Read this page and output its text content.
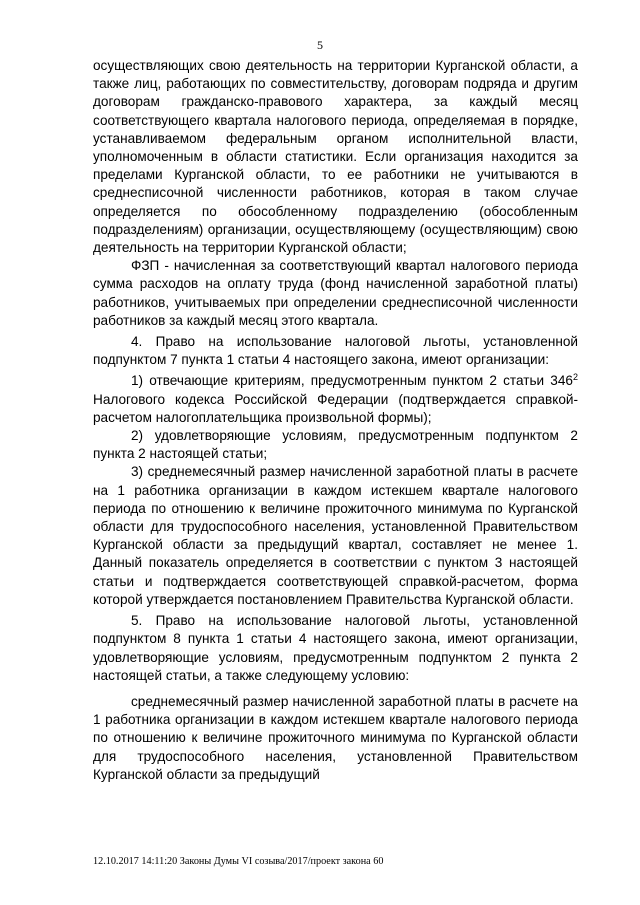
5

осуществляющих свою деятельность на территории Курганской области, а также лиц, работающих по совместительству, договорам подряда и другим договорам гражданско-правового характера, за каждый месяц соответствующего квартала налогового периода, определяемая в порядке, устанавливаемом федеральным органом исполнительной власти, уполномоченным в области статистики. Если организация находится за пределами Курганской области, то ее работники не учитываются в среднесписочной численности работников, которая в таком случае определяется по обособленному подразделению (обособленным подразделениям) организации, осуществляющему (осуществляющим) свою деятельность на территории Курганской области;

ФЗП - начисленная за соответствующий квартал налогового периода сумма расходов на оплату труда (фонд начисленной заработной платы) работников, учитываемых при определении среднесписочной численности работников за каждый месяц этого квартала.

4. Право на использование налоговой льготы, установленной подпунктом 7 пункта 1 статьи 4 настоящего закона, имеют организации:

1) отвечающие критериям, предусмотренным пунктом 2 статьи $346^2$ Налогового кодекса Российской Федерации (подтверждается справкой-расчетом налогоплательщика произвольной формы);

2) удовлетворяющие условиям, предусмотренным подпунктом 2 пункта 2 настоящей статьи;

3) среднемесячный размер начисленной заработной платы в расчете на 1 работника организации в каждом истекшем квартале налогового периода по отношению к величине прожиточного минимума по Курганской области для трудоспособного населения, установленной Правительством Курганской области за предыдущий квартал, составляет не менее 1. Данный показатель определяется в соответствии с пунктом 3 настоящей статьи и подтверждается соответствующей справкой-расчетом, форма которой утверждается постановлением Правительства Курганской области.

5. Право на использование налоговой льготы, установленной подпунктом 8 пункта 1 статьи 4 настоящего закона, имеют организации, удовлетворяющие условиям, предусмотренным подпунктом 2 пункта 2 настоящей статьи, а также следующему условию:

среднемесячный размер начисленной заработной платы в расчете на 1 работника организации в каждом истекшем квартале налогового периода по отношению к величине прожиточного минимума по Курганской области для трудоспособного населения, установленной Правительством Курганской области за предыдущий

12.10.2017 14:11:20 Законы Думы VI созыва/2017/проект закона 60
